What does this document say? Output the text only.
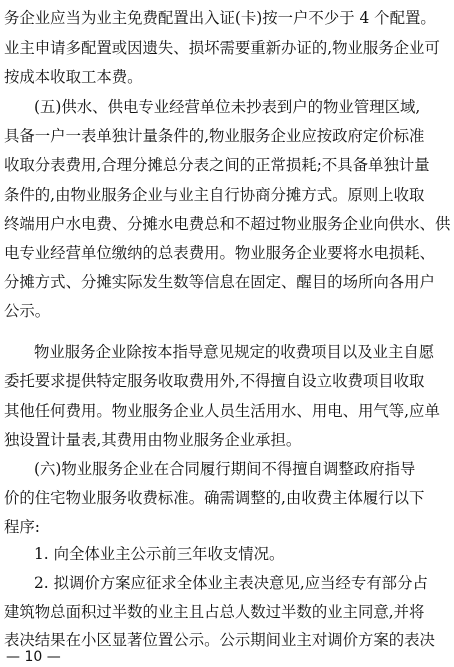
务企业应当为业主免费配置出入证(卡)按一户不少于 4 个配置。
业主申请多配置或因遗失、损坏需要重新办证的,物业服务企业可
按成本收取工本费。
(五)供水、供电专业经营单位未抄表到户的物业管理区域,
具备一户一表单独计量条件的,物业服务企业应按政府定价标准
收取分表费用,合理分摊总分表之间的正常损耗;不具备单独计量
条件的,由物业服务企业与业主自行协商分摊方式。原则上收取
终端用户水电费、分摊水电费总和不超过物业服务企业向供水、供
电专业经营单位缴纳的总表费用。物业服务企业要将水电损耗、
分摊方式、分摊实际发生数等信息在固定、醒目的场所向各用户
公示。
物业服务企业除按本指导意见规定的收费项目以及业主自愿
委托要求提供特定服务收取费用外,不得擅自设立收费项目收取
其他任何费用。物业服务企业人员生活用水、用电、用气等,应单
独设置计量表,其费用由物业服务企业承担。
(六)物业服务企业在合同履行期间不得擅自调整政府指导
价的住宅物业服务收费标准。确需调整的,由收费主体履行以下
程序:
1. 向全体业主公示前三年收支情况。
2. 拟调价方案应征求全体业主表决意见,应当经专有部分占
建筑物总面积过半数的业主且占总人数过半数的业主同意,并将
表决结果在小区显著位置公示。公示期间业主对调价方案的表决
— 10 —
